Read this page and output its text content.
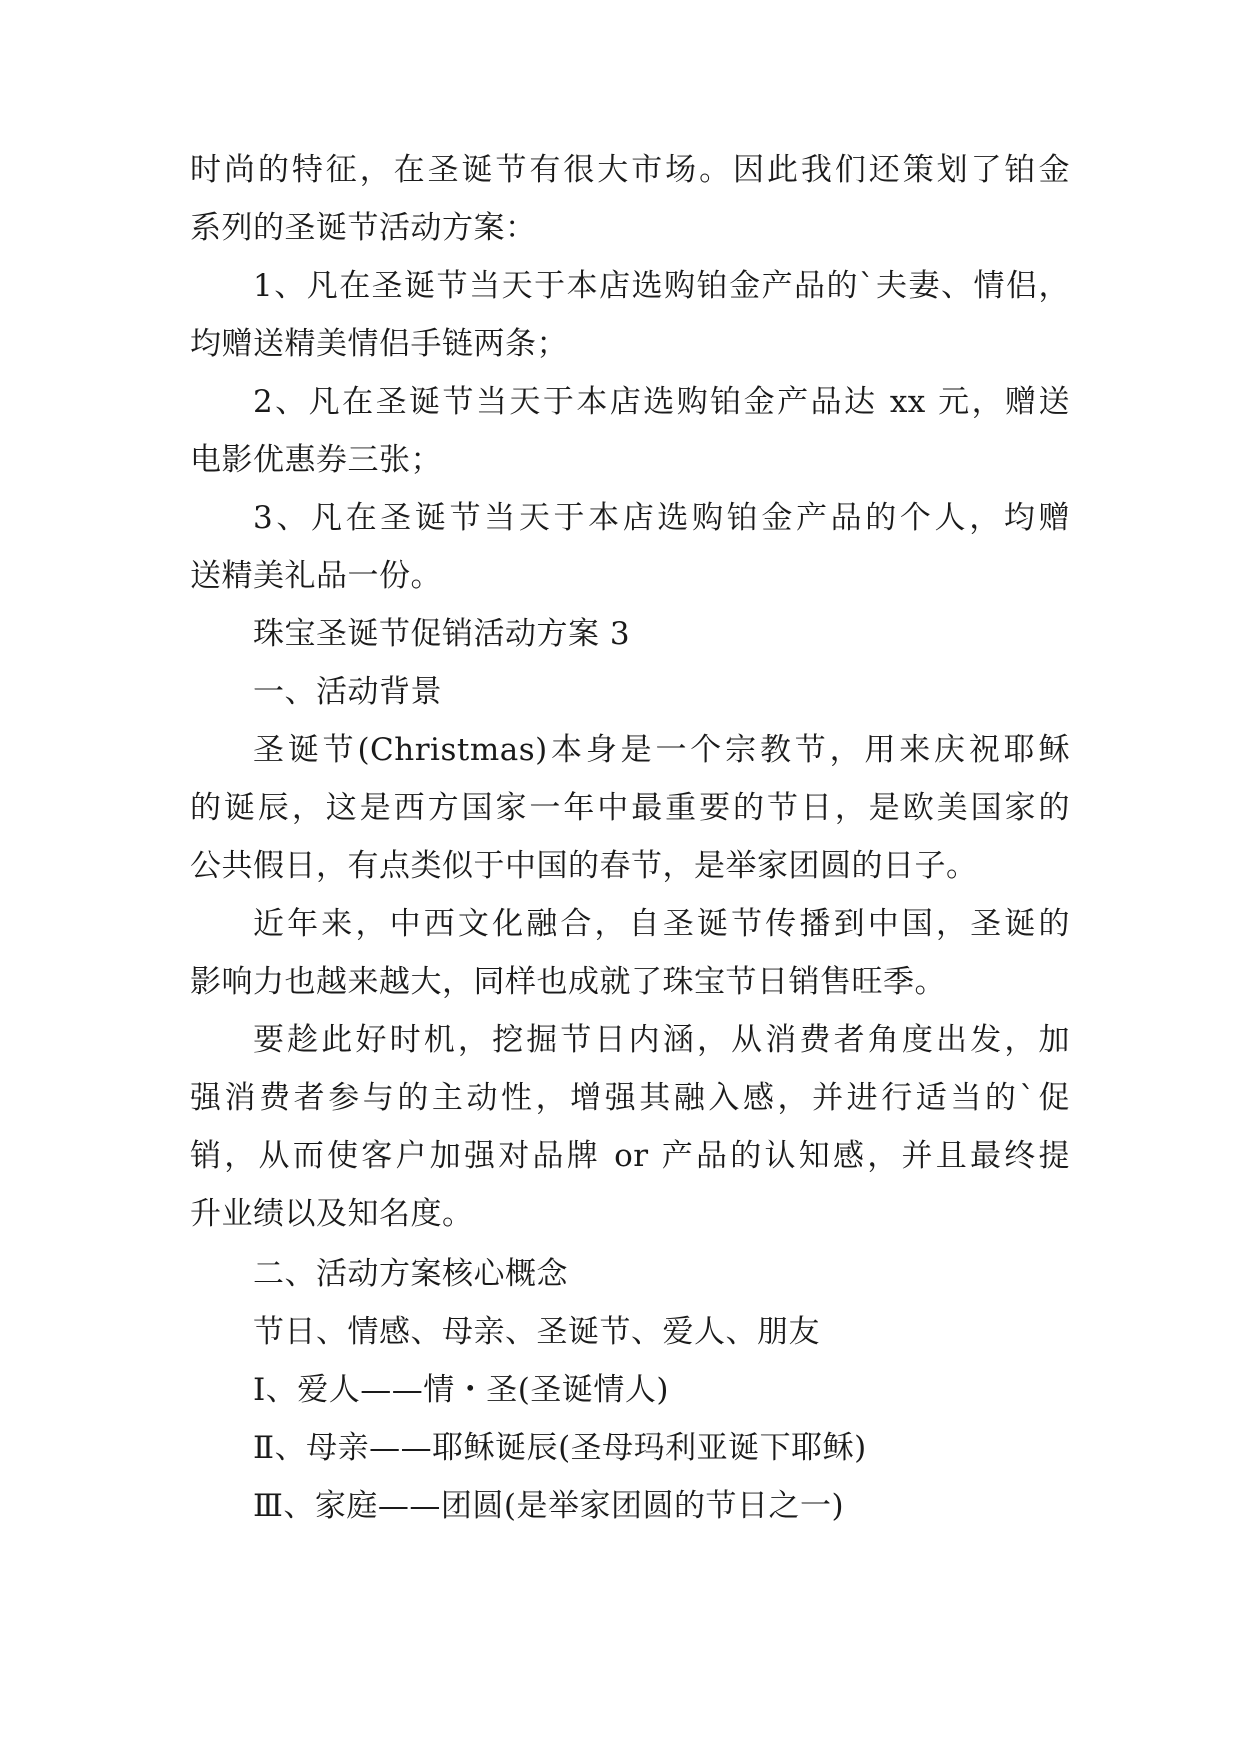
时尚的特征，在圣诞节有很大市场。因此我们还策划了铂金
系列的圣诞节活动方案：
1、凡在圣诞节当天于本店选购铂金产品的`夫妻、情侣，
均赠送精美情侣手链两条；
2、凡在圣诞节当天于本店选购铂金产品达 xx 元，赠送
电影优惠券三张；
3、凡在圣诞节当天于本店选购铂金产品的个人，均赠
送精美礼品一份。
珠宝圣诞节促销活动方案 3
一、活动背景
圣诞节(Christmas)本身是一个宗教节，用来庆祝耶稣
的诞辰，这是西方国家一年中最重要的节日，是欧美国家的
公共假日，有点类似于中国的春节，是举家团圆的日子。
近年来，中西文化融合，自圣诞节传播到中国，圣诞的
影响力也越来越大，同样也成就了珠宝节日销售旺季。
要趁此好时机，挖掘节日内涵，从消费者角度出发，加
强消费者参与的主动性，增强其融入感，并进行适当的`促
销，从而使客户加强对品牌 or 产品的认知感，并且最终提
升业绩以及知名度。
二、活动方案核心概念
节日、情感、母亲、圣诞节、爱人、朋友
Ⅰ、爱人——情・圣(圣诞情人)
Ⅱ、母亲——耶稣诞辰(圣母玛利亚诞下耶稣)
Ⅲ、家庭——团圆(是举家团圆的节日之一)
